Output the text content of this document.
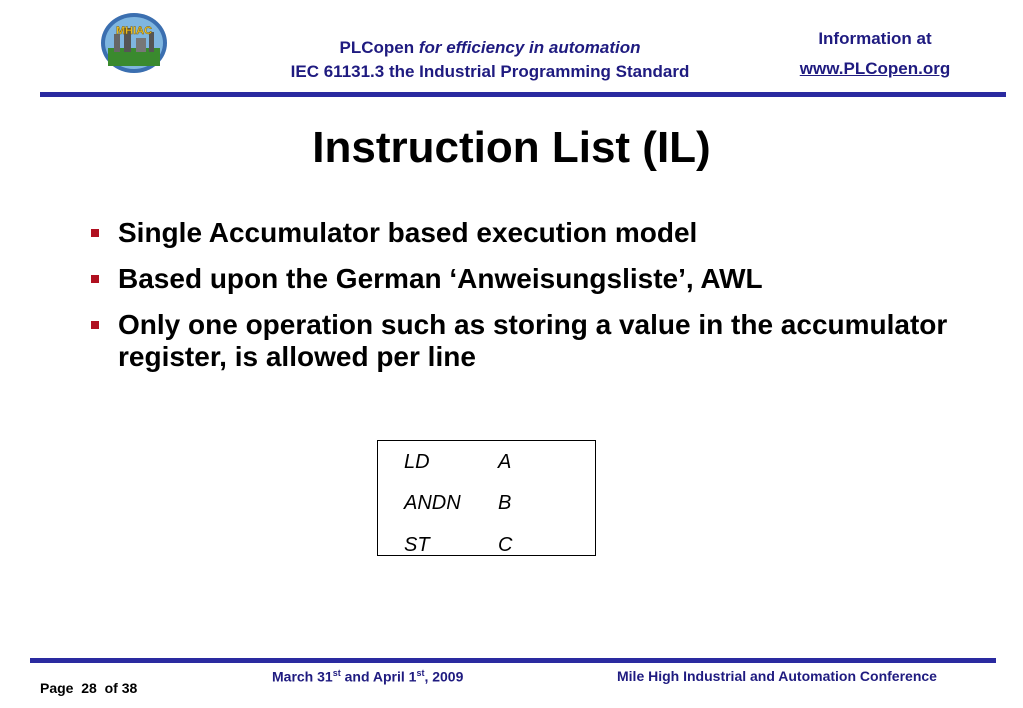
MHIAC
PLCopen for efficiency in automation
IEC 61131.3 the Industrial Programming Standard
Information at
www.PLCopen.org
Instruction List (IL)
Single Accumulator based execution model
Based upon the German ‘Anweisungsliste’, AWL
Only one operation such as storing a value in the accumulator register, is allowed per line
LD	A
ANDN B
ST	C
March 31st and April 1st, 2009	Mile High Industrial and Automation Conference
Page 28 of 38
